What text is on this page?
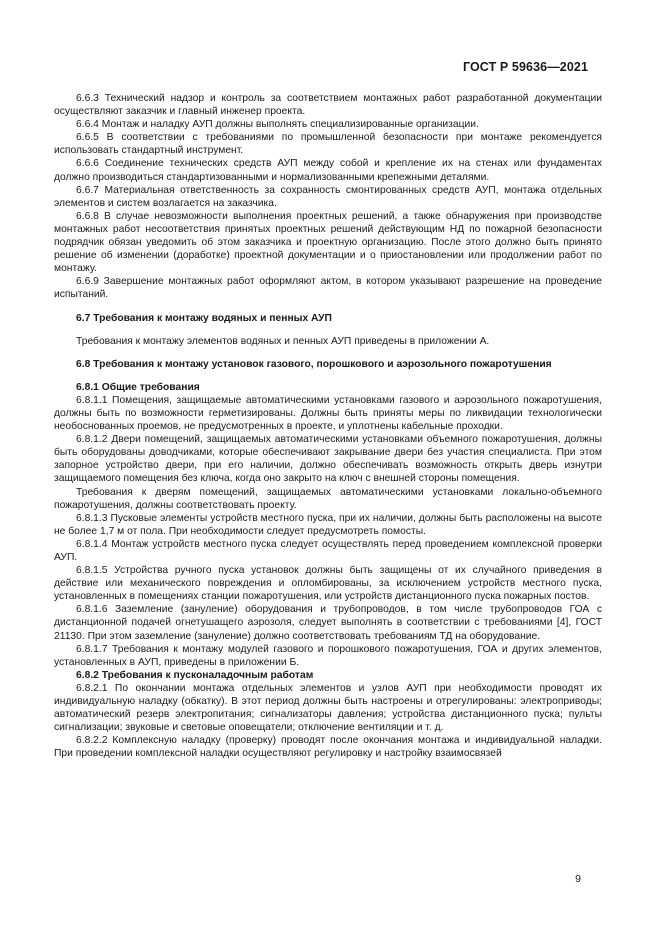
ГОСТ Р 59636—2021

6.6.3 Технический надзор и контроль за соответствием монтажных работ разработанной документации осуществляют заказчик и главный инженер проекта.

6.6.4 Монтаж и наладку АУП должны выполнять специализированные организации.

6.6.5 В соответствии с требованиями по промышленной безопасности при монтаже рекомендуется использовать стандартный инструмент.

6.6.6 Соединение технических средств АУП между собой и крепление их на стенах или фундаментах должно производиться стандартизованными и нормализованными крепежными деталями.

6.6.7 Материальная ответственность за сохранность смонтированных средств АУП, монтажа отдельных элементов и систем возлагается на заказчика.

6.6.8 В случае невозможности выполнения проектных решений, а также обнаружения при производстве монтажных работ несоответствия принятых проектных решений действующим НД по пожарной безопасности подрядчик обязан уведомить об этом заказчика и проектную организацию. После этого должно быть принято решение об изменении (доработке) проектной документации и о приостановлении или продолжении работ по монтажу.

6.6.9 Завершение монтажных работ оформляют актом, в котором указывают разрешение на проведение испытаний.

6.7 Требования к монтажу водяных и пенных АУП

Требования к монтажу элементов водяных и пенных АУП приведены в приложении А.

6.8 Требования к монтажу установок газового, порошкового и аэрозольного пожаротушения

6.8.1 Общие требования

6.8.1.1 Помещения, защищаемые автоматическими установками газового и аэрозольного пожаротушения, должны быть по возможности герметизированы. Должны быть приняты меры по ликвидации технологически необоснованных проемов, не предусмотренных в проекте, и уплотнены кабельные проходки.

6.8.1.2 Двери помещений, защищаемых автоматическими установками объемного пожаротушения, должны быть оборудованы доводчиками, которые обеспечивают закрывание двери без участия специалиста. При этом запорное устройство двери, при его наличии, должно обеспечивать возможность открыть дверь изнутри защищаемого помещения без ключа, когда оно закрыто на ключ с внешней стороны помещения.

Требования к дверям помещений, защищаемых автоматическими установками локально-объемного пожаротушения, должны соответствовать проекту.

6.8.1.3 Пусковые элементы устройств местного пуска, при их наличии, должны быть расположены на высоте не более 1,7 м от пола. При необходимости следует предусмотреть помосты.

6.8.1.4 Монтаж устройств местного пуска следует осуществлять перед проведением комплексной проверки АУП.

6.8.1.5 Устройства ручного пуска установок должны быть защищены от их случайного приведения в действие или механического повреждения и опломбированы, за исключением устройств местного пуска, установленных в помещениях станции пожаротушения, или устройств дистанционного пуска пожарных постов.

6.8.1.6 Заземление (зануление) оборудования и трубопроводов, в том числе трубопроводов ГОА с дистанционной подачей огнетушащего аэрозоля, следует выполнять в соответствии с требованиями [4], ГОСТ 21130. При этом заземление (зануление) должно соответствовать требованиям ТД на оборудование.

6.8.1.7 Требования к монтажу модулей газового и порошкового пожаротушения, ГОА и других элементов, установленных в АУП, приведены в приложении Б.

6.8.2 Требования к пусконаладочным работам

6.8.2.1 По окончании монтажа отдельных элементов и узлов АУП при необходимости проводят их индивидуальную наладку (обкатку). В этот период должны быть настроены и отрегулированы: электроприводы; автоматический резерв электропитания; сигнализаторы давления; устройства дистанционного пуска; пульты сигнализации; звуковые и световые оповещатели; отключение вентиляции и т. д.

6.8.2.2 Комплексную наладку (проверку) проводят после окончания монтажа и индивидуальной наладки. При проведении комплексной наладки осуществляют регулировку и настройку взаимосвязей

9
